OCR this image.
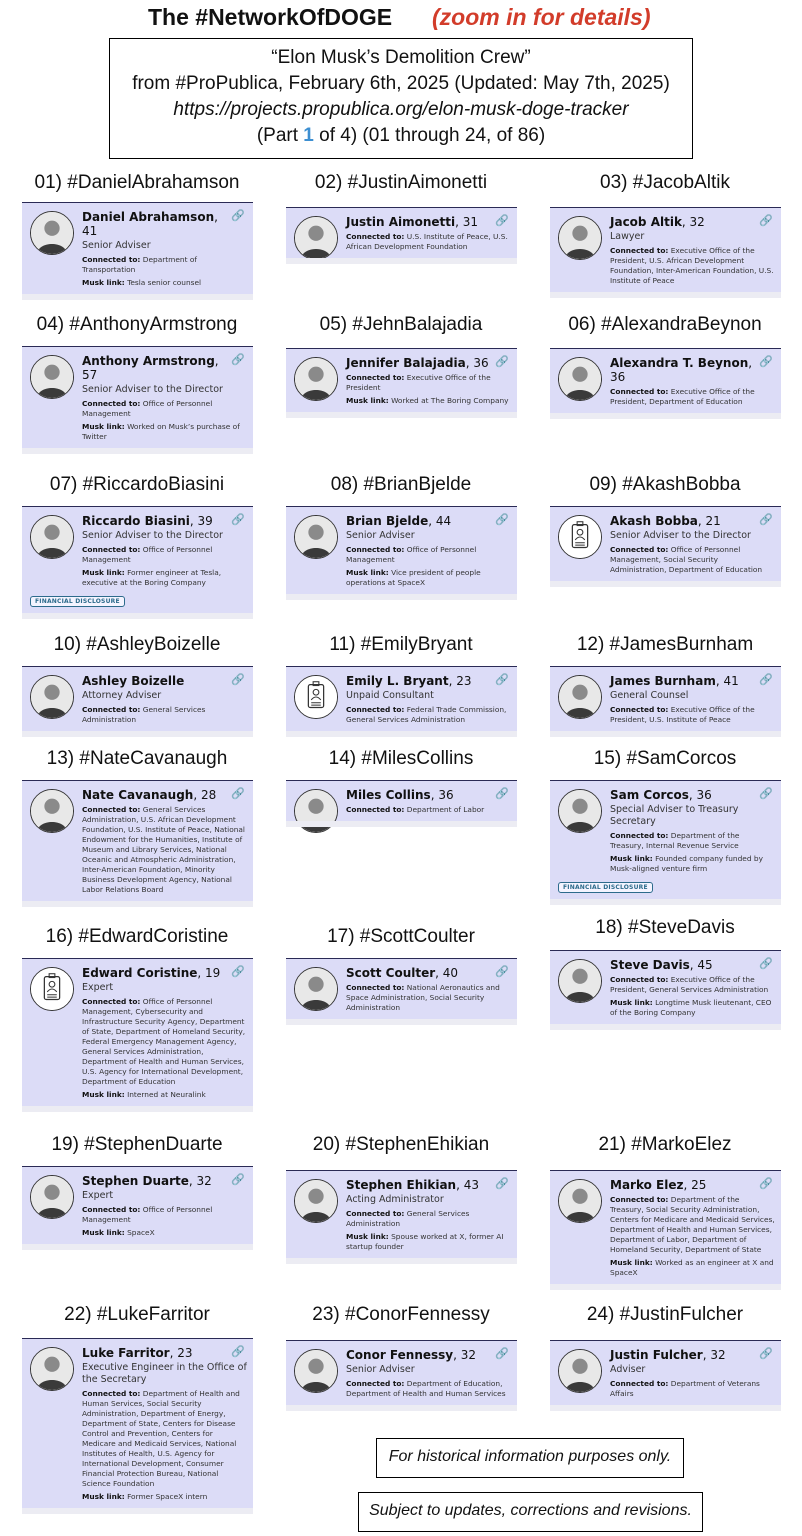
The #NetworkOfDOGE (zoom in for details)
“Elon Musk’s Demolition Crew”
from #ProPublica, February 6th, 2025 (Updated: May 7th, 2025)
https://projects.propublica.org/elon-musk-doge-tracker
(Part 1 of 4) (01 through 24, of 86)
01) #DanielAbrahamson
🔗
Daniel Abrahamson, 41
Senior Adviser
Connected to: Department of Transportation
Musk link: Tesla senior counsel
02) #JustinAimonetti
🔗
Justin Aimonetti, 31
Connected to: U.S. Institute of Peace, U.S. African Development Foundation
03) #JacobAltik
🔗
Jacob Altik, 32
Lawyer
Connected to: Executive Office of the President, U.S. African Development Foundation, Inter-American Foundation, U.S. Institute of Peace
04) #AnthonyArmstrong
🔗
Anthony Armstrong, 57
Senior Adviser to the Director
Connected to: Office of Personnel Management
Musk link: Worked on Musk’s purchase of Twitter
05) #JehnBalajadia
🔗
Jennifer Balajadia, 36
Connected to: Executive Office of the President
Musk link: Worked at The Boring Company
06) #AlexandraBeynon
🔗
Alexandra T. Beynon, 36
Connected to: Executive Office of the President, Department of Education
07) #RiccardoBiasini
🔗
Riccardo Biasini, 39
Senior Adviser to the Director
Connected to: Office of Personnel Management
Musk link: Former engineer at Tesla, executive at the Boring Company
FINANCIAL DISCLOSURE
08) #BrianBjelde
🔗
Brian Bjelde, 44
Senior Adviser
Connected to: Office of Personnel Management
Musk link: Vice president of people operations at SpaceX
09) #AkashBobba
🔗
Akash Bobba, 21
Senior Adviser to the Director
Connected to: Office of Personnel Management, Social Security Administration, Department of Education
10) #AshleyBoizelle
🔗
Ashley Boizelle
Attorney Adviser
Connected to: General Services Administration
11) #EmilyBryant
🔗
Emily L. Bryant, 23
Unpaid Consultant
Connected to: Federal Trade Commission, General Services Administration
12) #JamesBurnham
🔗
James Burnham, 41
General Counsel
Connected to: Executive Office of the President, U.S. Institute of Peace
13) #NateCavanaugh
🔗
Nate Cavanaugh, 28
Connected to: General Services Administration, U.S. African Development Foundation, U.S. Institute of Peace, National Endowment for the Humanities, Institute of Museum and Library Services, National Oceanic and Atmospheric Administration, Inter-American Foundation, Minority Business Development Agency, National Labor Relations Board
14) #MilesCollins
🔗
Miles Collins, 36
Connected to: Department of Labor
15) #SamCorcos
🔗
Sam Corcos, 36
Special Adviser to Treasury Secretary
Connected to: Department of the Treasury, Internal Revenue Service
Musk link: Founded company funded by Musk-aligned venture firm
FINANCIAL DISCLOSURE
16) #EdwardCoristine
🔗
Edward Coristine, 19
Expert
Connected to: Office of Personnel Management, Cybersecurity and Infrastructure Security Agency, Department of State, Department of Homeland Security, Federal Emergency Management Agency, General Services Administration, Department of Health and Human Services, U.S. Agency for International Development, Department of Education
Musk link: Interned at Neuralink
17) #ScottCoulter
🔗
Scott Coulter, 40
Connected to: National Aeronautics and Space Administration, Social Security Administration
18) #SteveDavis
🔗
Steve Davis, 45
Connected to: Executive Office of the President, General Services Administration
Musk link: Longtime Musk lieutenant, CEO of the Boring Company
19) #StephenDuarte
🔗
Stephen Duarte, 32
Expert
Connected to: Office of Personnel Management
Musk link: SpaceX
20) #StephenEhikian
🔗
Stephen Ehikian, 43
Acting Administrator
Connected to: General Services Administration
Musk link: Spouse worked at X, former AI startup founder
21) #MarkoElez
🔗
Marko Elez, 25
Connected to: Department of the Treasury, Social Security Administration, Centers for Medicare and Medicaid Services, Department of Health and Human Services, Department of Labor, Department of Homeland Security, Department of State
Musk link: Worked as an engineer at X and SpaceX
22) #LukeFarritor
🔗
Luke Farritor, 23
Executive Engineer in the Office of the Secretary
Connected to: Department of Health and Human Services, Social Security Administration, Department of Energy, Department of State, Centers for Disease Control and Prevention, Centers for Medicare and Medicaid Services, National Institutes of Health, U.S. Agency for International Development, Consumer Financial Protection Bureau, National Science Foundation
Musk link: Former SpaceX intern
23) #ConorFennessy
🔗
Conor Fennessy, 32
Senior Adviser
Connected to: Department of Education, Department of Health and Human Services
24) #JustinFulcher
🔗
Justin Fulcher, 32
Adviser
Connected to: Department of Veterans Affairs
For historical information purposes only.
Subject to updates, corrections and revisions.
